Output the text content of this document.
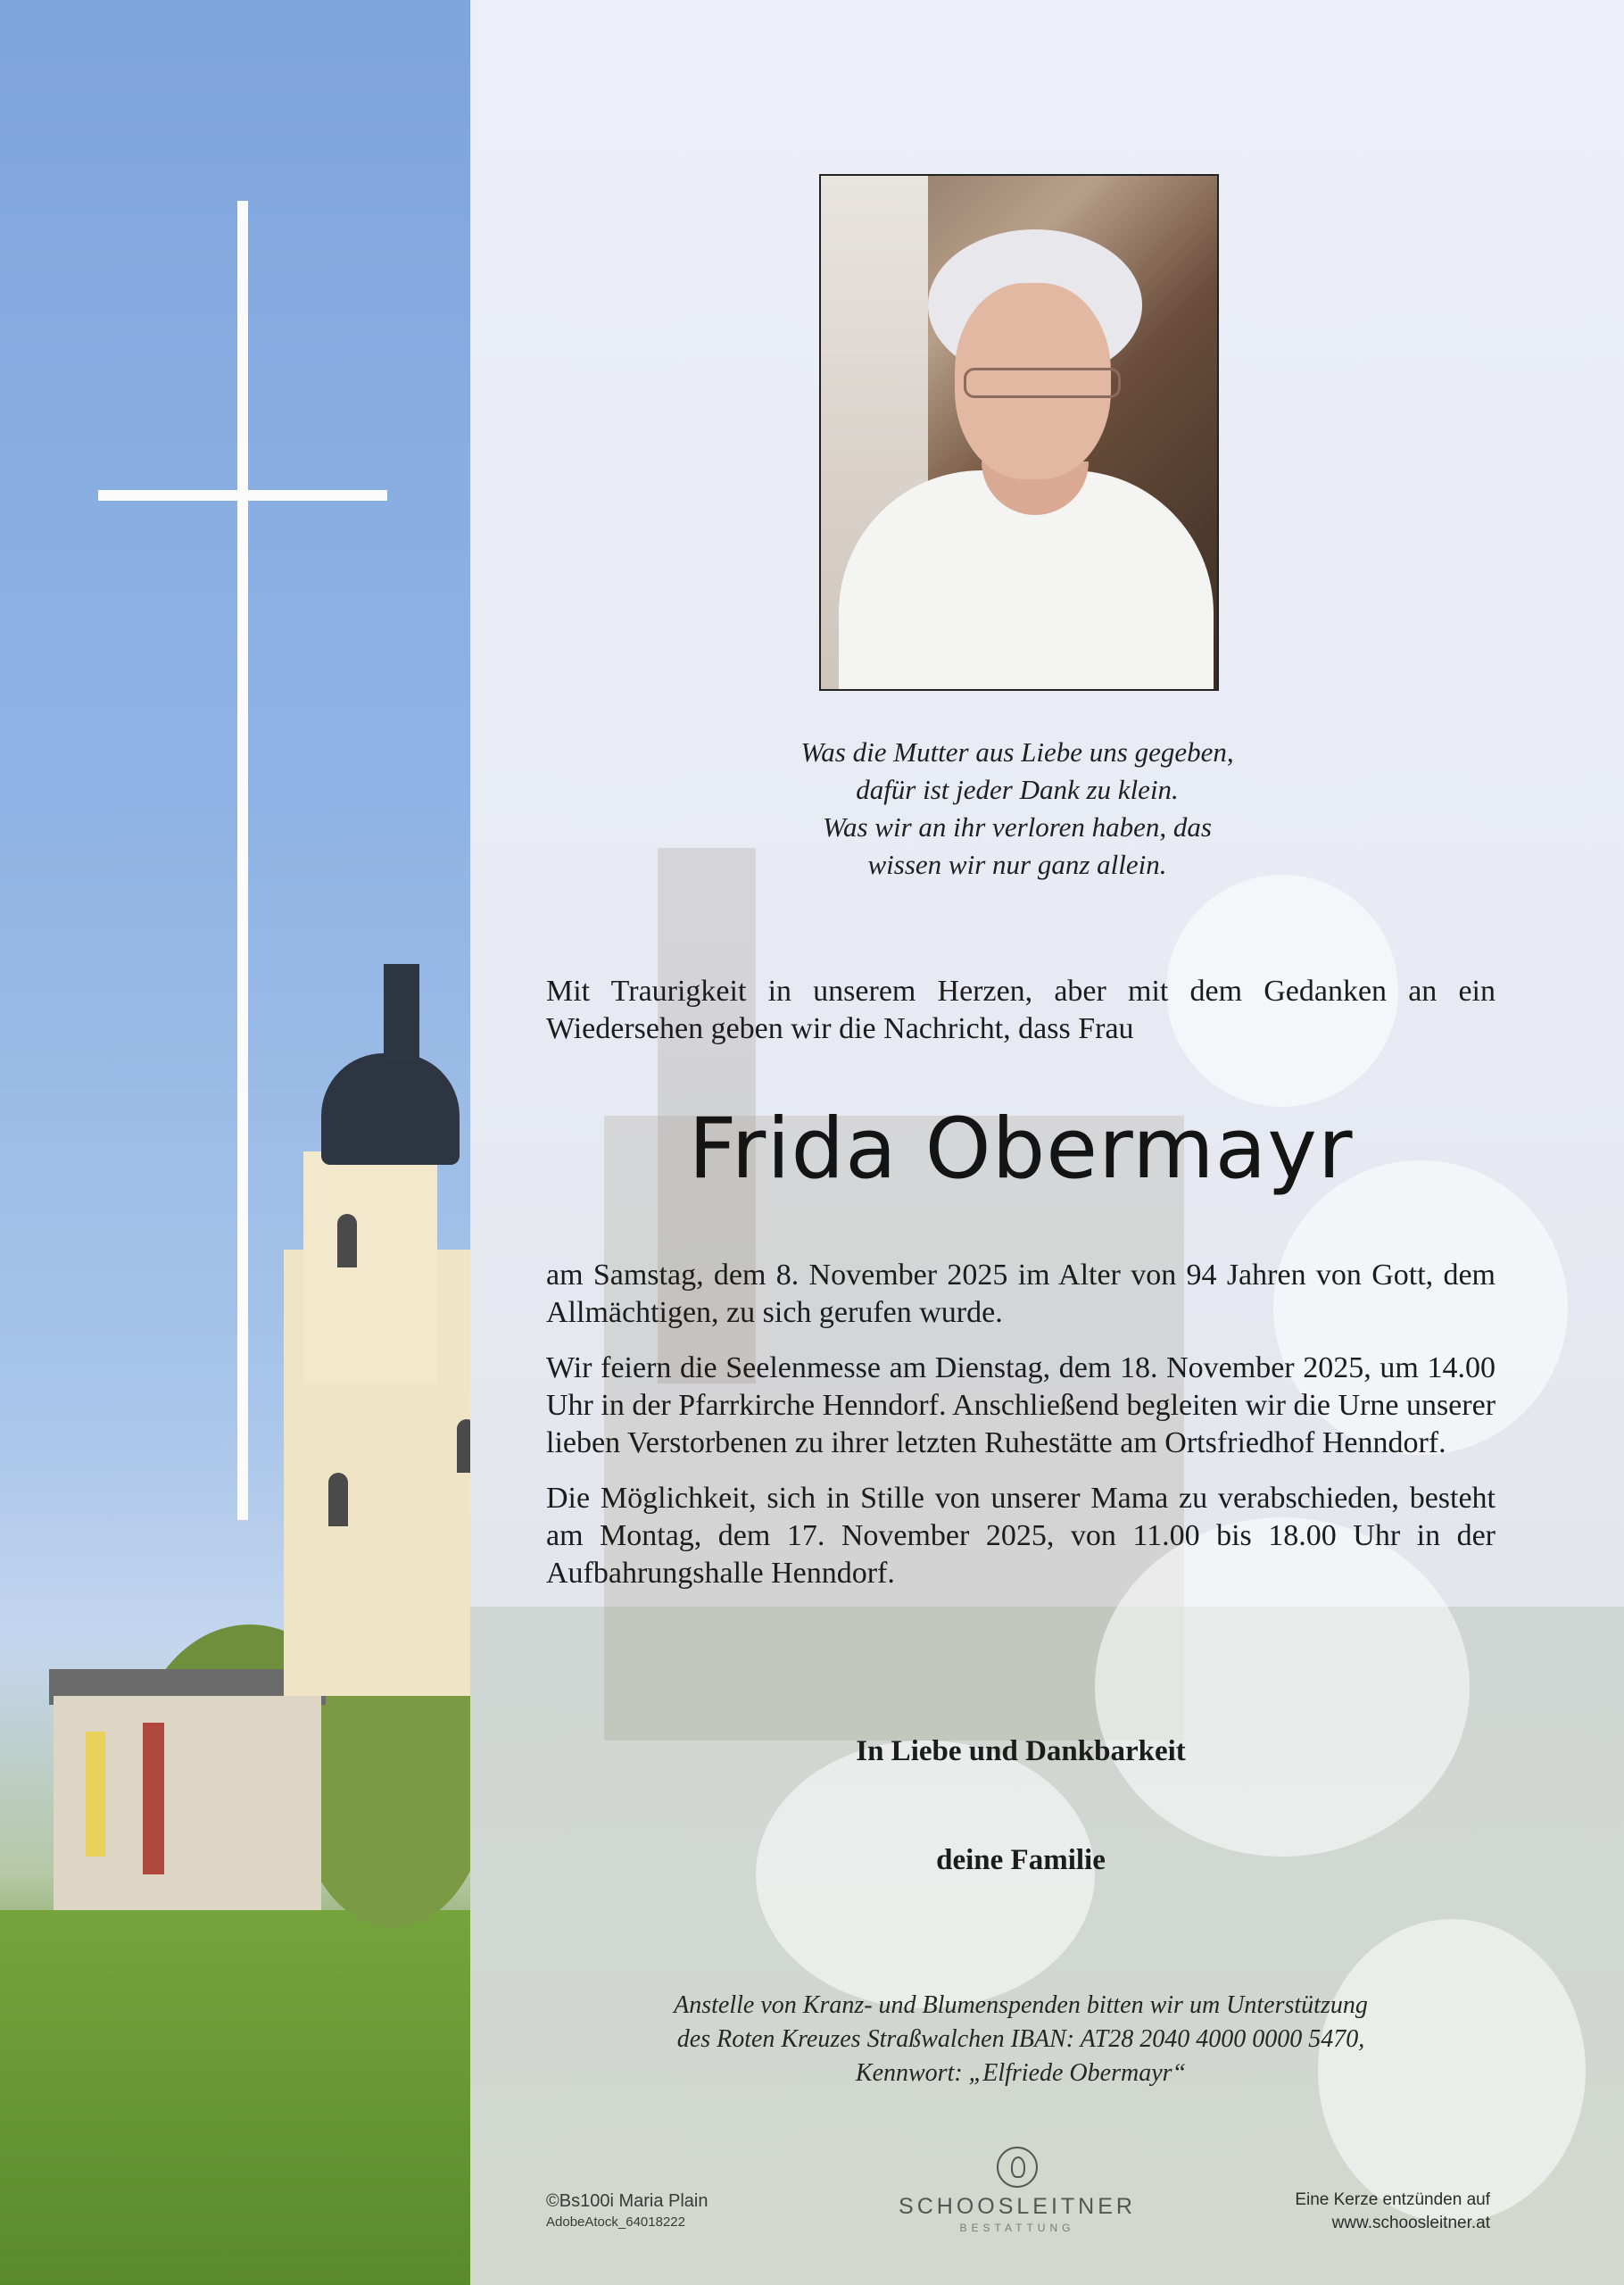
Was die Mutter aus Liebe uns gegeben,
dafür ist jeder Dank zu klein.
Was wir an ihr verloren haben, das
wissen wir nur ganz allein.
Mit Traurigkeit in unserem Herzen, aber mit dem Gedanken an ein Wiedersehen geben wir die Nachricht, dass Frau
Frida Obermayr

am Samstag, dem 8. November 2025 im Alter von 94 Jahren von Gott, dem Allmächtigen, zu sich gerufen wurde.

Wir feiern die Seelenmesse am Dienstag, dem 18. November 2025, um 14.00 Uhr in der Pfarrkirche Henndorf. Anschließend begleiten wir die Urne unserer lieben Verstorbenen zu ihrer letzten Ruhestätte am Ortsfriedhof Henndorf.

Die Möglichkeit, sich in Stille von unserer Mama zu verabschieden, besteht am Montag, dem 17. November 2025, von 11.00 bis 18.00 Uhr in der Aufbahrungshalle Henndorf.

In Liebe und Dankbarkeit
deine Familie
Anstelle von Kranz- und Blumenspenden bitten wir um Unterstützung
des Roten Kreuzes Straßwalchen IBAN: AT28 2040 4000 0000 5470,
Kennwort: „Elfriede Obermayr“
©Bs100i Maria Plain
AdobeAtock_64018222
SCHOOSLEITNER
BESTATTUNG
Eine Kerze entzünden auf
www.schoosleitner.at
